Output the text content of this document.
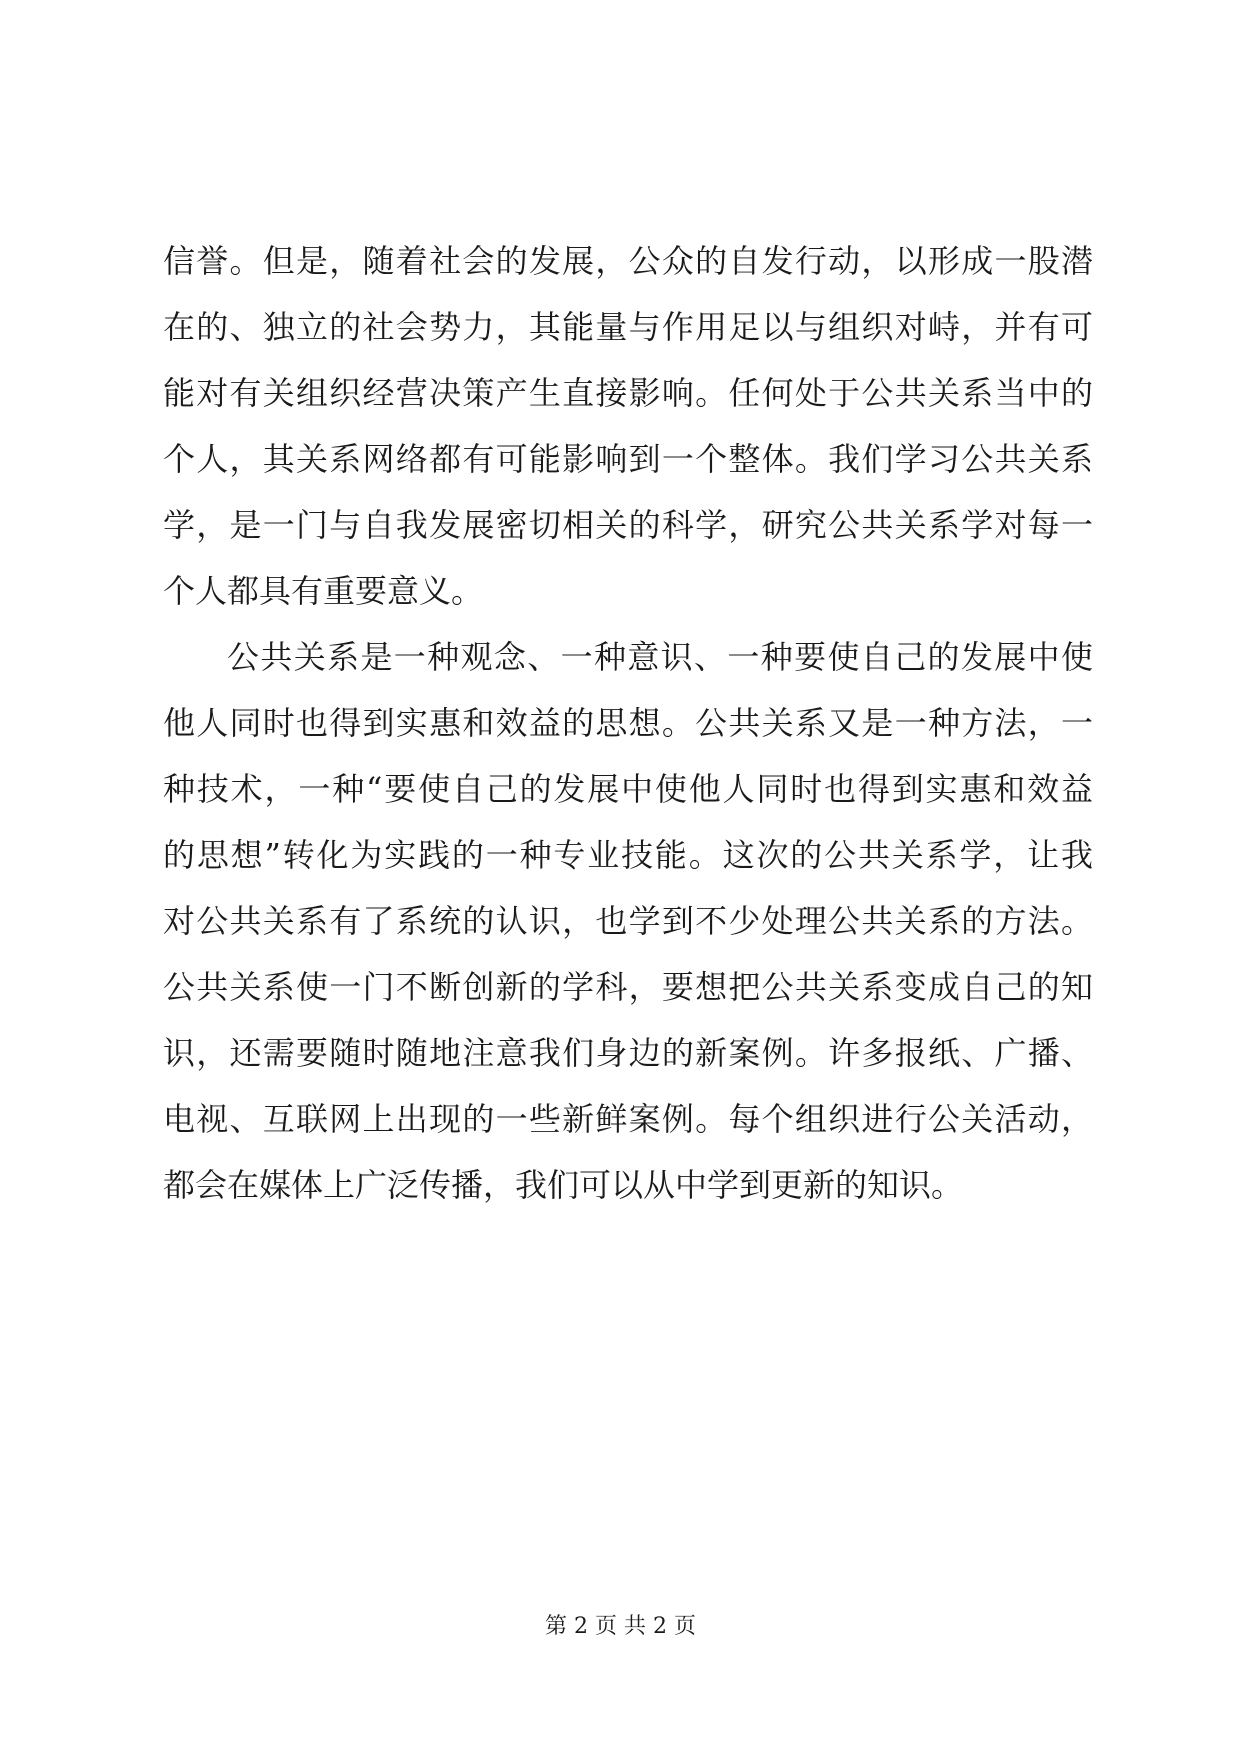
信誉。但是，随着社会的发展，公众的自发行动，以形成一股潜
在的、独立的社会势力，其能量与作用足以与组织对峙，并有可
能对有关组织经营决策产生直接影响。任何处于公共关系当中的
个人，其关系网络都有可能影响到一个整体。我们学习公共关系
学，是一门与自我发展密切相关的科学，研究公共关系学对每一
个人都具有重要意义。
公共关系是一种观念、一种意识、一种要使自己的发展中使
他人同时也得到实惠和效益的思想。公共关系又是一种方法，一
种技术，一种“要使自己的发展中使他人同时也得到实惠和效益
的思想”转化为实践的一种专业技能。这次的公共关系学，让我
对公共关系有了系统的认识，也学到不少处理公共关系的方法。
公共关系使一门不断创新的学科，要想把公共关系变成自己的知
识，还需要随时随地注意我们身边的新案例。许多报纸、广播、
电视、互联网上出现的一些新鲜案例。每个组织进行公关活动，
都会在媒体上广泛传播，我们可以从中学到更新的知识。
第 2 页 共 2 页
